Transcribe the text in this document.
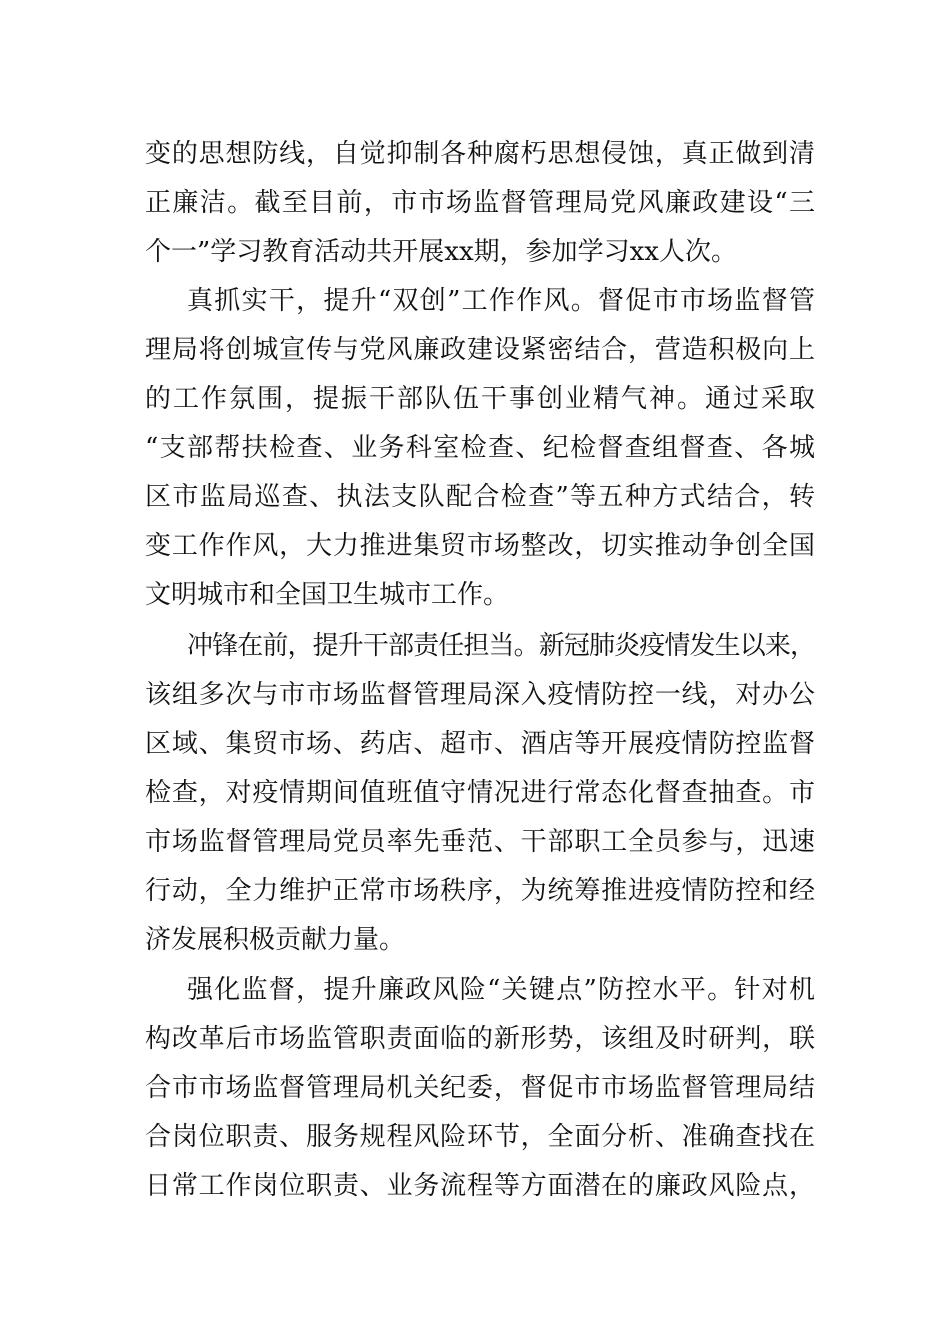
变的思想防线，自觉抑制各种腐朽思想侵蚀，真正做到清
正廉洁。截至目前，市市场监督管理局党风廉政建设“三
个一”学习教育活动共开展xx期，参加学习xx人次。
真抓实干，提升“双创”工作作风。督促市市场监督管
理局将创城宣传与党风廉政建设紧密结合，营造积极向上
的工作氛围，提振干部队伍干事创业精气神。通过采取
“支部帮扶检查、业务科室检查、纪检督查组督查、各城
区市监局巡查、执法支队配合检查”等五种方式结合，转
变工作作风，大力推进集贸市场整改，切实推动争创全国
文明城市和全国卫生城市工作。
冲锋在前，提升干部责任担当。新冠肺炎疫情发生以来，
该组多次与市市场监督管理局深入疫情防控一线，对办公
区域、集贸市场、药店、超市、酒店等开展疫情防控监督
检查，对疫情期间值班值守情况进行常态化督查抽查。市
市场监督管理局党员率先垂范、干部职工全员参与，迅速
行动，全力维护正常市场秩序，为统筹推进疫情防控和经
济发展积极贡献力量。
强化监督，提升廉政风险“关键点”防控水平。针对机
构改革后市场监管职责面临的新形势，该组及时研判，联
合市市场监督管理局机关纪委，督促市市场监督管理局结
合岗位职责、服务规程风险环节，全面分析、准确查找在
日常工作岗位职责、业务流程等方面潜在的廉政风险点，
